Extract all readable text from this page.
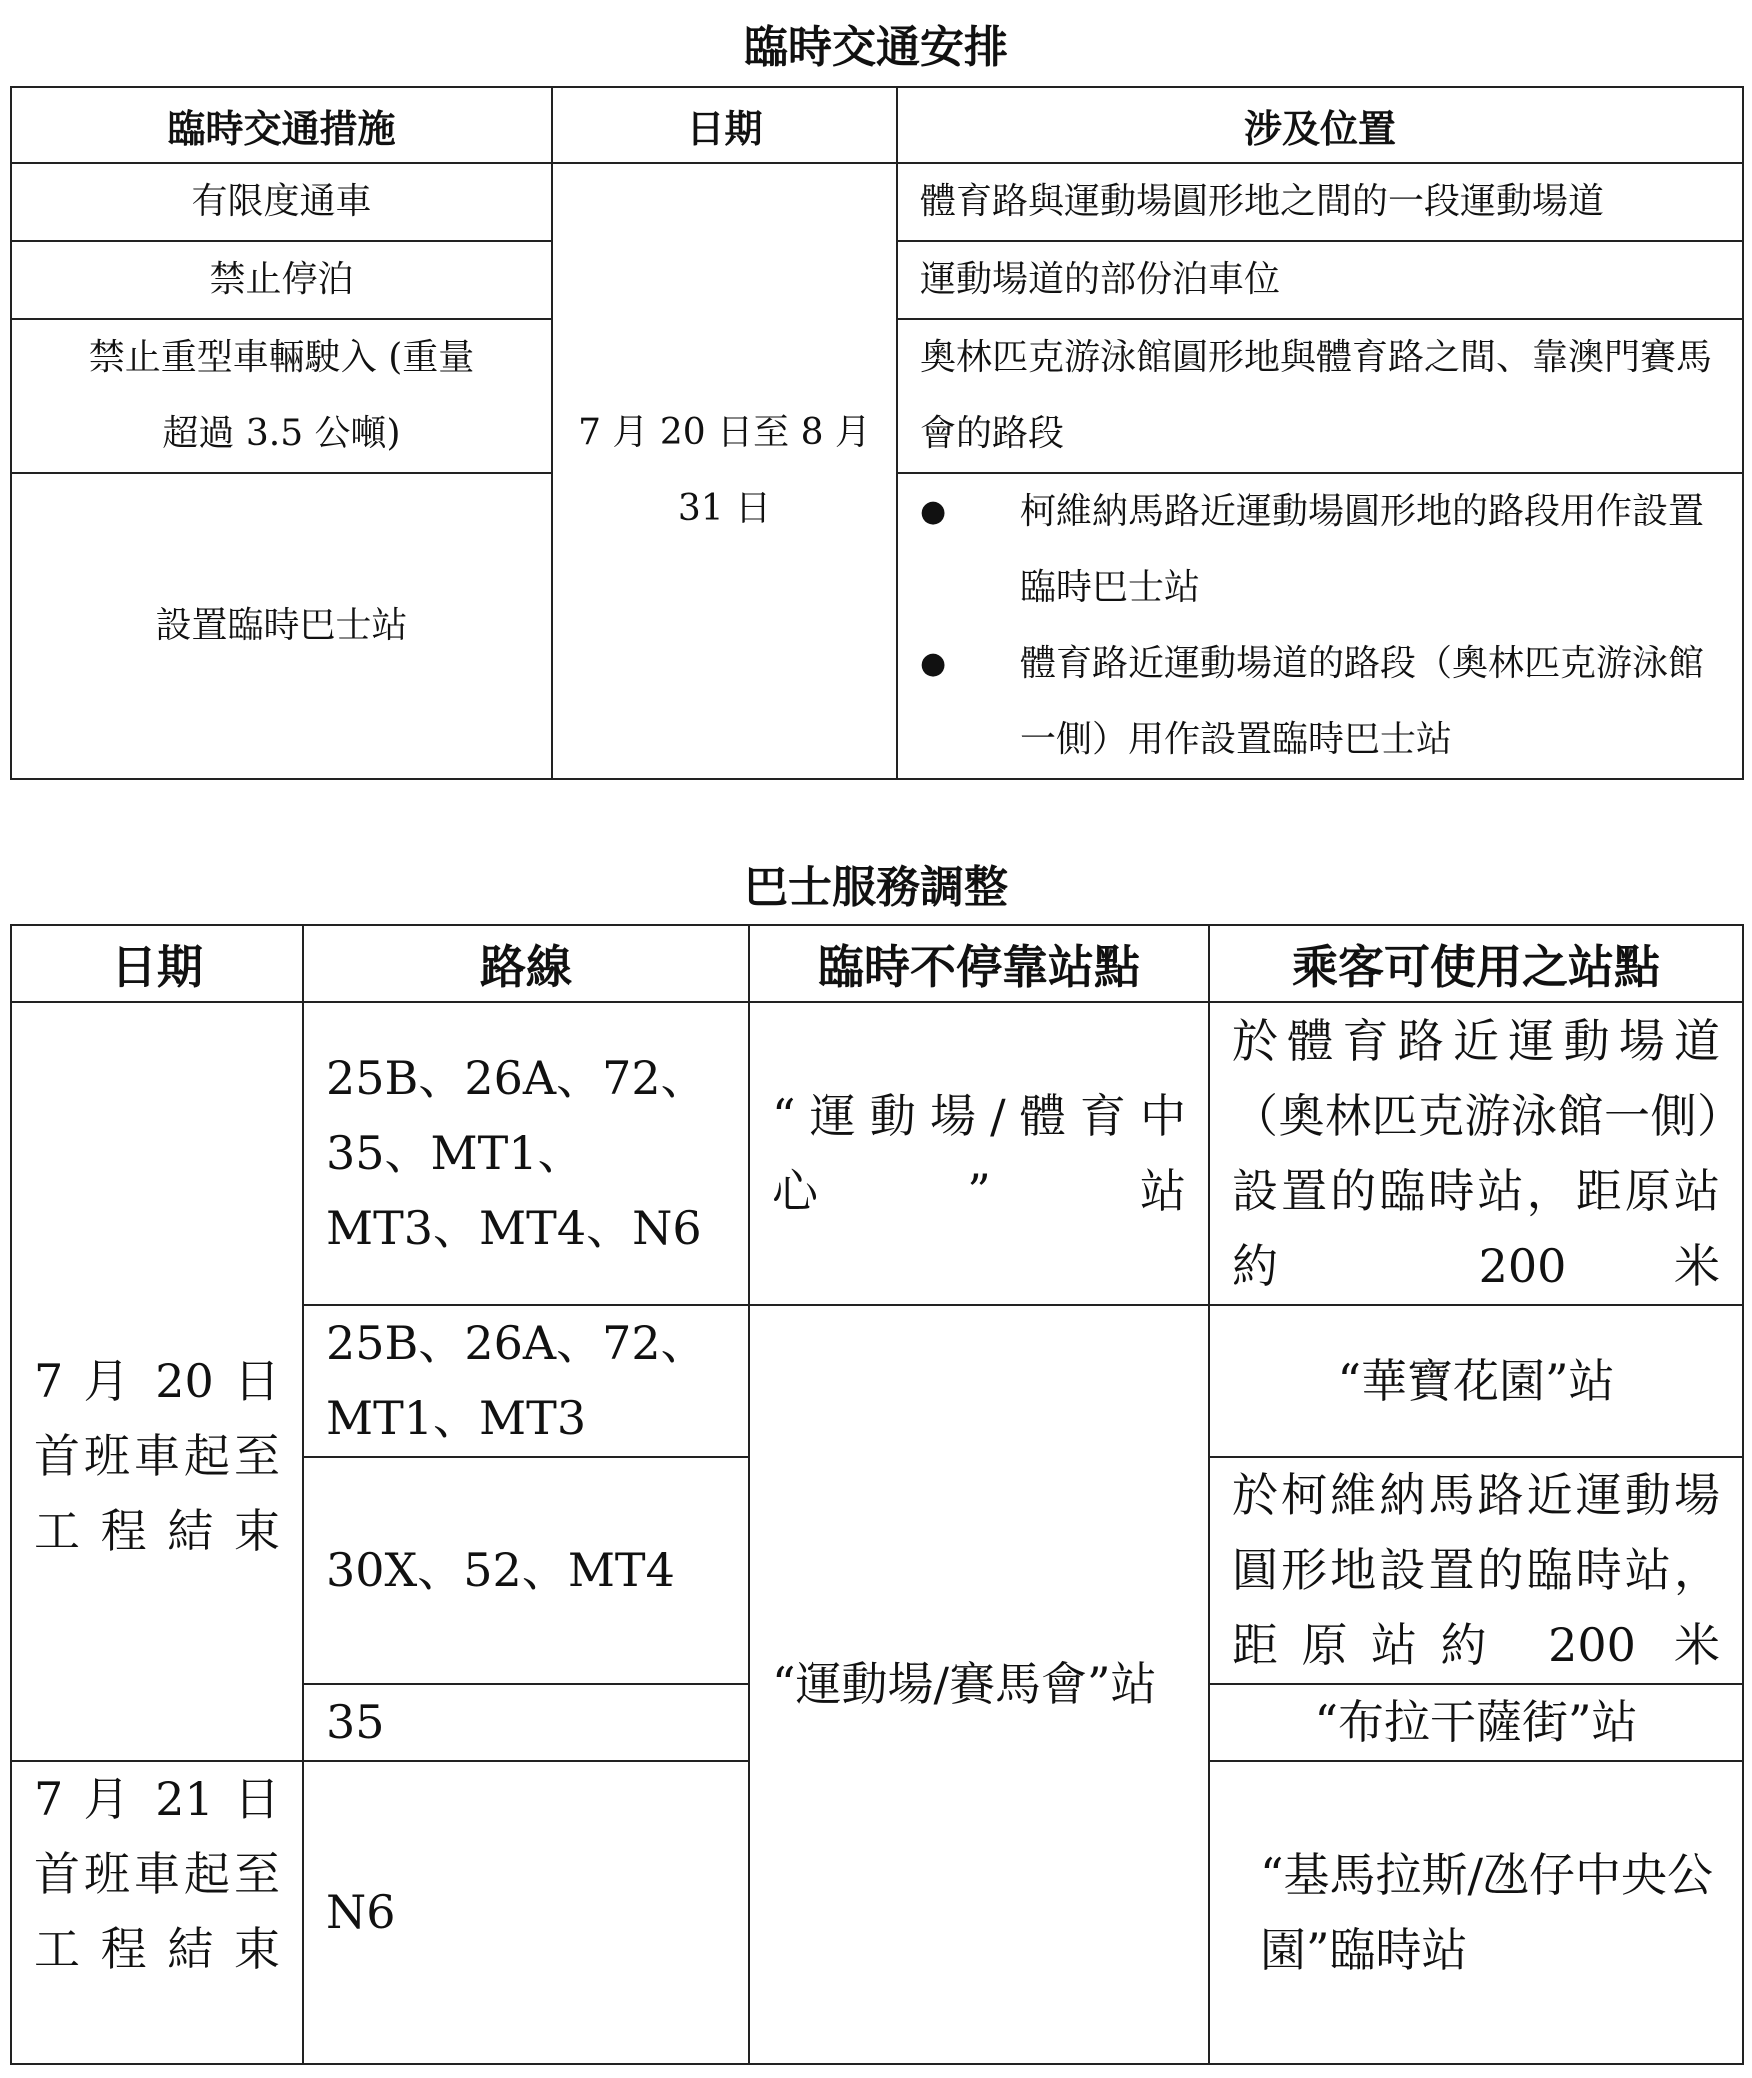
臨時交通安排
臨時交通措施	日期	涉及位置
有限度通車	7 月 20 日至 8 月 31 日	體育路與運動場圓形地之間的一段運動場道
禁止停泊		運動場道的部份泊車位
禁止重型車輛駛入 (重量超過 3.5 公噸)		奧林匹克游泳館圓形地與體育路之間、靠澳門賽馬會的路段
設置臨時巴士站		● 柯維納馬路近運動場圓形地的路段用作設置臨時巴士站
● 體育路近運動場道的路段（奧林匹克游泳館一側）用作設置臨時巴士站
巴士服務調整
日期	路線	臨時不停靠站點	乘客可使用之站點
7 月 20 日 首班車起至工程結束	25B、26A、72、35、MT1、MT3、MT4、N6	“運動場/體育中心”站	於體育路近運動場道（奧林匹克游泳館一側）設置的臨時站，距原站約 200 米
	25B、26A、72、MT1、MT3	“運動場/賽馬會”站	“華寶花園”站
	30X、52、MT4		於柯維納馬路近運動場圓形地設置的臨時站，距原站約 200 米
	35		“布拉干薩街”站
7 月 21 日 首班車起至工程結束	N6		“基馬拉斯/氹仔中央公園”臨時站
